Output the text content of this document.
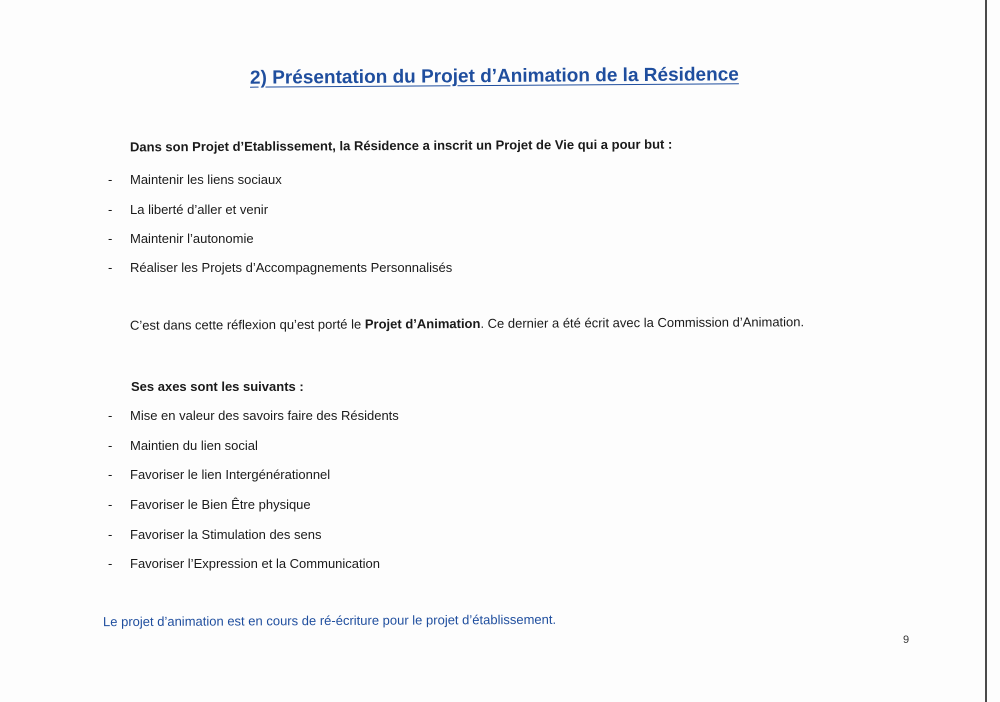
2) Présentation du Projet d’Animation de la Résidence
Dans son Projet d’Etablissement, la Résidence a inscrit un Projet de Vie qui a pour but :
- Maintenir les liens sociaux
- La liberté d’aller et venir
- Maintenir l’autonomie
- Réaliser les Projets d’Accompagnements Personnalisés
C’est dans cette réflexion qu’est porté le Projet d’Animation. Ce dernier a été écrit avec la Commission d’Animation.
Ses axes sont les suivants :
- Mise en valeur des savoirs faire des Résidents
- Maintien du lien social
- Favoriser le lien Intergénérationnel
- Favoriser le Bien Être physique
- Favoriser la Stimulation des sens
- Favoriser l’Expression et la Communication
Le projet d’animation est en cours de ré-écriture pour le projet d’établissement.
9
